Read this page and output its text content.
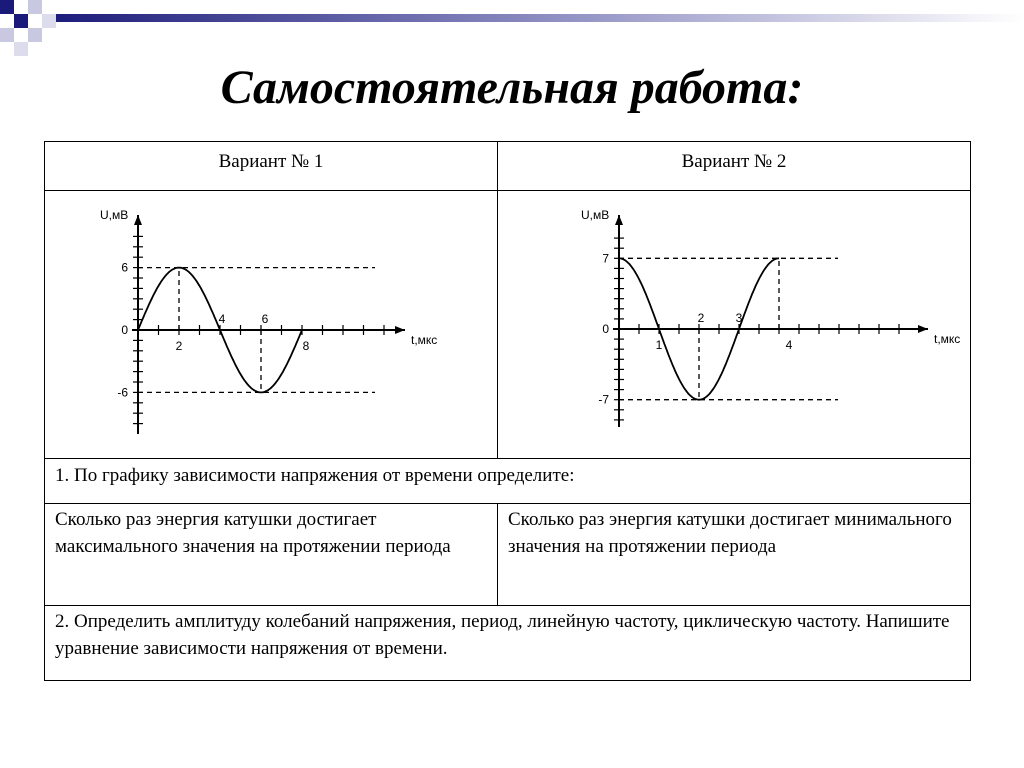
Самостоятельная работа:
Вариант № 1	Вариант № 2
U,мВ
t,мкс
6
0
-6
2
4	6
8
U,мВ
t,мкс
7
0
-7
1
2	3
4
1. По графику зависимости напряжения от времени определите:
Сколько раз энергия катушки достигает максимального значения на протяжении периода
Сколько раз энергия катушки достигает минимального значения на протяжении периода
2. Определить амплитуду колебаний напряжения, период, линейную частоту, циклическую частоту. Напишите уравнение зависимости напряжения от времени.
